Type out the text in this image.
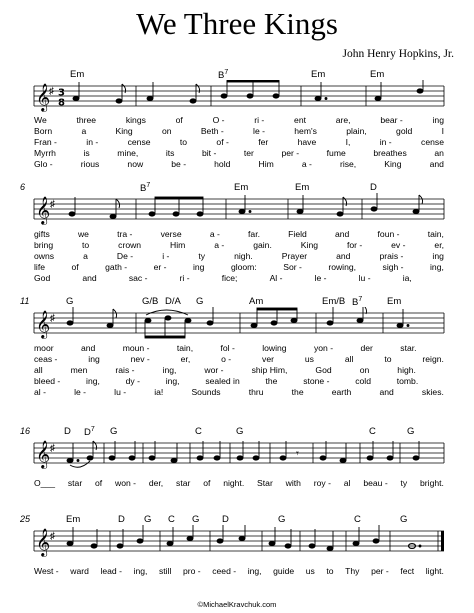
We Three Kings
John Henry Hopkins, Jr.
Em	$B^7$	Em	Em
𝄞
♯ 3
8
We	three	kings	of	O -	ri -	ent	are,	bear -	ing
Born	a	King	on	Beth -	le -	hem's	plain,	gold	I
Fran -	in -	cense	to	of -	fer	have	I,	in -	cense
Myrrh	is	mine,	its	bit -	ter	per -	fume	breathes	an
Glo -	rious	now	be -	hold	Him	a -	rise,	King	and
6	$B^7$	Em	Em	D
𝄞 ♯
gifts	we	tra -	verse	a -	far.	Field	and	foun -	tain,
bring	to	crown	Him	a -	gain.	King	for -	ev -	er,
owns	a	De -	i -	ty	nigh.	Prayer	and	prais -	ing
life	of	gath -	er -	ing	gloom:	Sor -	rowing,	sigh -	ing,
God	and	sac -	ri -	fice;	Al -	le -	lu -	ia,
11	G	G/B D/A G	Am	Em/B $B^7$	Em
𝄞 ♯
moor	and	moun -	tain,	fol -	lowing	yon -	der	star.
ceas -	ing	nev -	er,	o -	ver	us	all	to	reign.
all	men	rais -	ing,	wor -	ship Him,	God	on	high.
bleed -	ing,	dy -	ing,	sealed in	the	stone -	cold	tomb.
al -	le -	lu -	ia!	Sounds	thru	the	earth	and	skies.
16	D $D^7$ G	C	G	C	G
𝄞 ♯	𝄾
O___ star of won - der, star of night. Star with roy - al beau - ty bright.
25	Em	D G C G D	G	C	G
𝄞 ♯
West - ward lead - ing, still pro - ceed - ing, guide us to Thy per - fect light.
©MichaelKravchuk.com
